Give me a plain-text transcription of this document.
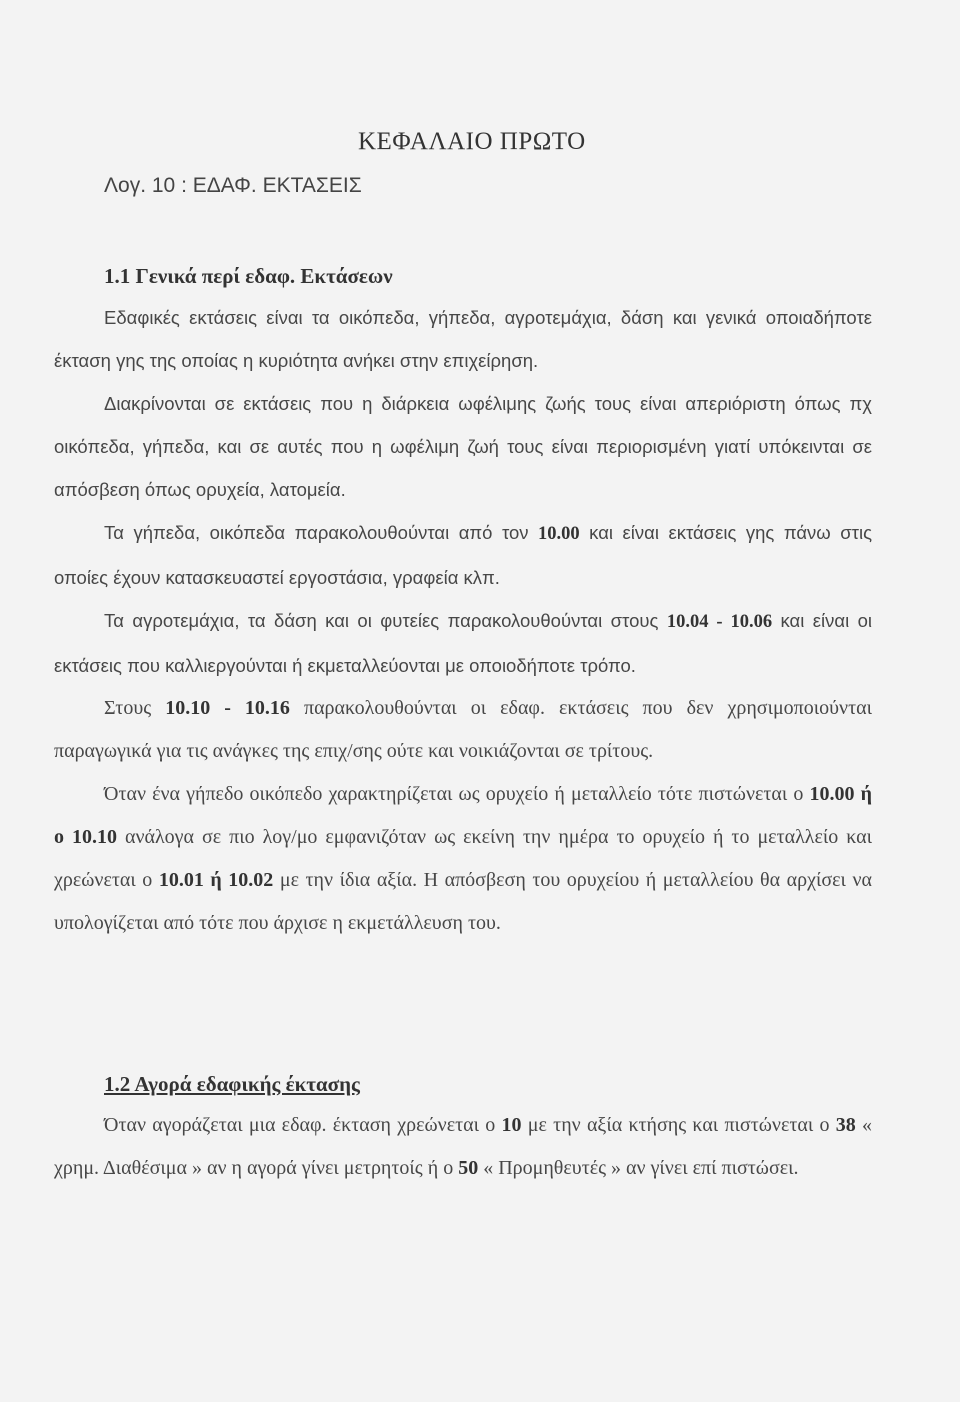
ΚΕΦΑΛΑΙΟ ΠΡΩΤΟ

Λογ. 10 : ΕΔΑΦ. ΕΚΤΑΣΕΙΣ

1.1 Γενικά περί εδαφ. Εκτάσεων

Εδαφικές εκτάσεις είναι τα οικόπεδα, γήπεδα, αγροτεμάχια, δάση και γενικά οποιαδήποτε έκταση γης της οποίας η κυριότητα ανήκει στην επιχείρηση.

Διακρίνονται σε εκτάσεις που η διάρκεια ωφέλιμης ζωής τους είναι απεριόριστη όπως πχ οικόπεδα, γήπεδα, και σε αυτές που η ωφέλιμη ζωή τους είναι περιορισμένη γιατί υπόκεινται σε απόσβεση όπως ορυχεία, λατομεία.

Τα γήπεδα, οικόπεδα παρακολουθούνται από τον 10.00 και είναι εκτάσεις γης πάνω στις οποίες έχουν κατασκευαστεί εργοστάσια, γραφεία κλπ.

Τα αγροτεμάχια, τα δάση και οι φυτείες παρακολουθούνται στους 10.04 - 10.06 και είναι οι εκτάσεις που καλλιεργούνται ή εκμεταλλεύονται με οποιοδήποτε τρόπο.

Στους 10.10 - 10.16 παρακολουθούνται οι εδαφ. εκτάσεις που δεν χρησιμοποιούνται παραγωγικά για τις ανάγκες της επιχ/σης ούτε και νοικιάζονται σε τρίτους.

Όταν ένα γήπεδο οικόπεδο χαρακτηρίζεται ως ορυχείο ή μεταλλείο τότε πιστώνεται ο 10.00 ή ο 10.10 ανάλογα σε πιο λογ/μο εμφανιζόταν ως εκείνη την ημέρα το ορυχείο ή το μεταλλείο και χρεώνεται ο 10.01 ή 10.02 με την ίδια αξία. Η απόσβεση του ορυχείου ή μεταλλείου θα αρχίσει να υπολογίζεται από τότε που άρχισε η εκμετάλλευση του.

1.2 Αγορά εδαφικής έκτασης

Όταν αγοράζεται μια εδαφ. έκταση χρεώνεται ο 10 με την αξία κτήσης και πιστώνεται ο 38 « χρημ. Διαθέσιμα » αν η αγορά γίνει μετρητοίς ή ο 50 « Προμηθευτές » αν γίνει επί πιστώσει.
